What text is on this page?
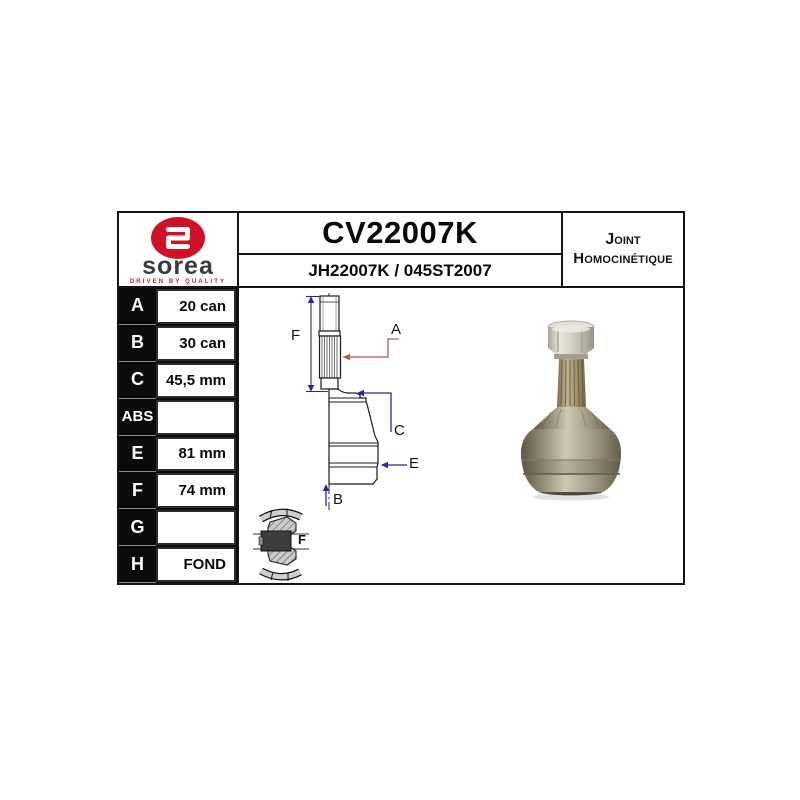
sorea
DRIVEN BY QUALITY
CV22007K
JH22007K / 045ST2007
Joint
Homocinétique
A	20 can
B	30 can
C	45,5 mm
ABS
E	81 mm
F	74 mm
G
H	FOND
F	A
C
E
B
F
